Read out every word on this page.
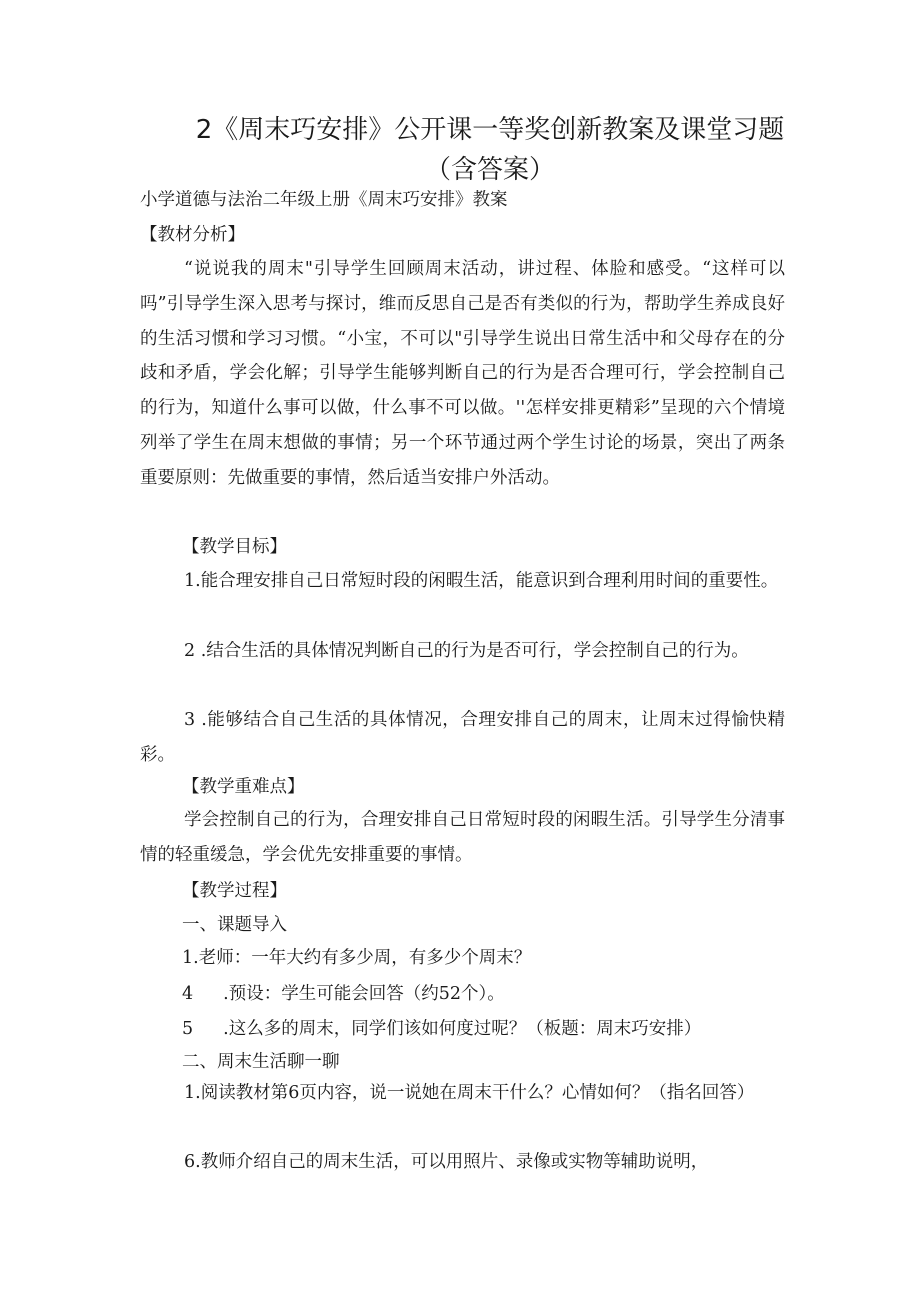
2《周末巧安排》公开课一等奖创新教案及课堂习题（含答案）
小学道德与法治二年级上册《周末巧安排》教案
【教材分析】

“说说我的周末"引导学生回顾周末活动，讲过程、体脸和感受。“这样可以吗”引导学生深入思考与探讨，维而反思自己是否有类似的行为，帮助学生养成良好的生活习惯和学习习惯。“小宝，不可以"引导学生说出日常生活中和父母存在的分歧和矛盾，学会化解；引导学生能够判断自己的行为是否合理可行，学会控制自己的行为，知道什么事可以做，什么事不可以做。''怎样安排更精彩”呈现的六个情境列举了学生在周末想做的事情；另一个环节通过两个学生讨论的场景，突出了两条重要原则：先做重要的事情，然后适当安排户外活动。

【教学目标】

1.能合理安排自己日常短时段的闲暇生活，能意识到合理利用时间的重要性。

2 .结合生活的具体情况判断自己的行为是否可行，学会控制自己的行为。

3 .能够结合自己生活的具体情况，合理安排自己的周末，让周末过得愉快精彩。

【教学重难点】

学会控制自己的行为，合理安排自己日常短时段的闲暇生活。引导学生分清事情的轻重缓急，学会优先安排重要的事情。

【教学过程】
一、课题导入
1.老师：一年大约有多少周，有多少个周末？
4 .预设：学生可能会回答（约52个）。
5 .这么多的周末，同学们该如何度过呢？（板题：周末巧安排）
二、周末生活聊一聊

1.阅读教材第6页内容，说一说她在周末干什么？心情如何？（指名回答）

6.教师介绍自己的周末生活，可以用照片、录像或实物等辅助说明，
